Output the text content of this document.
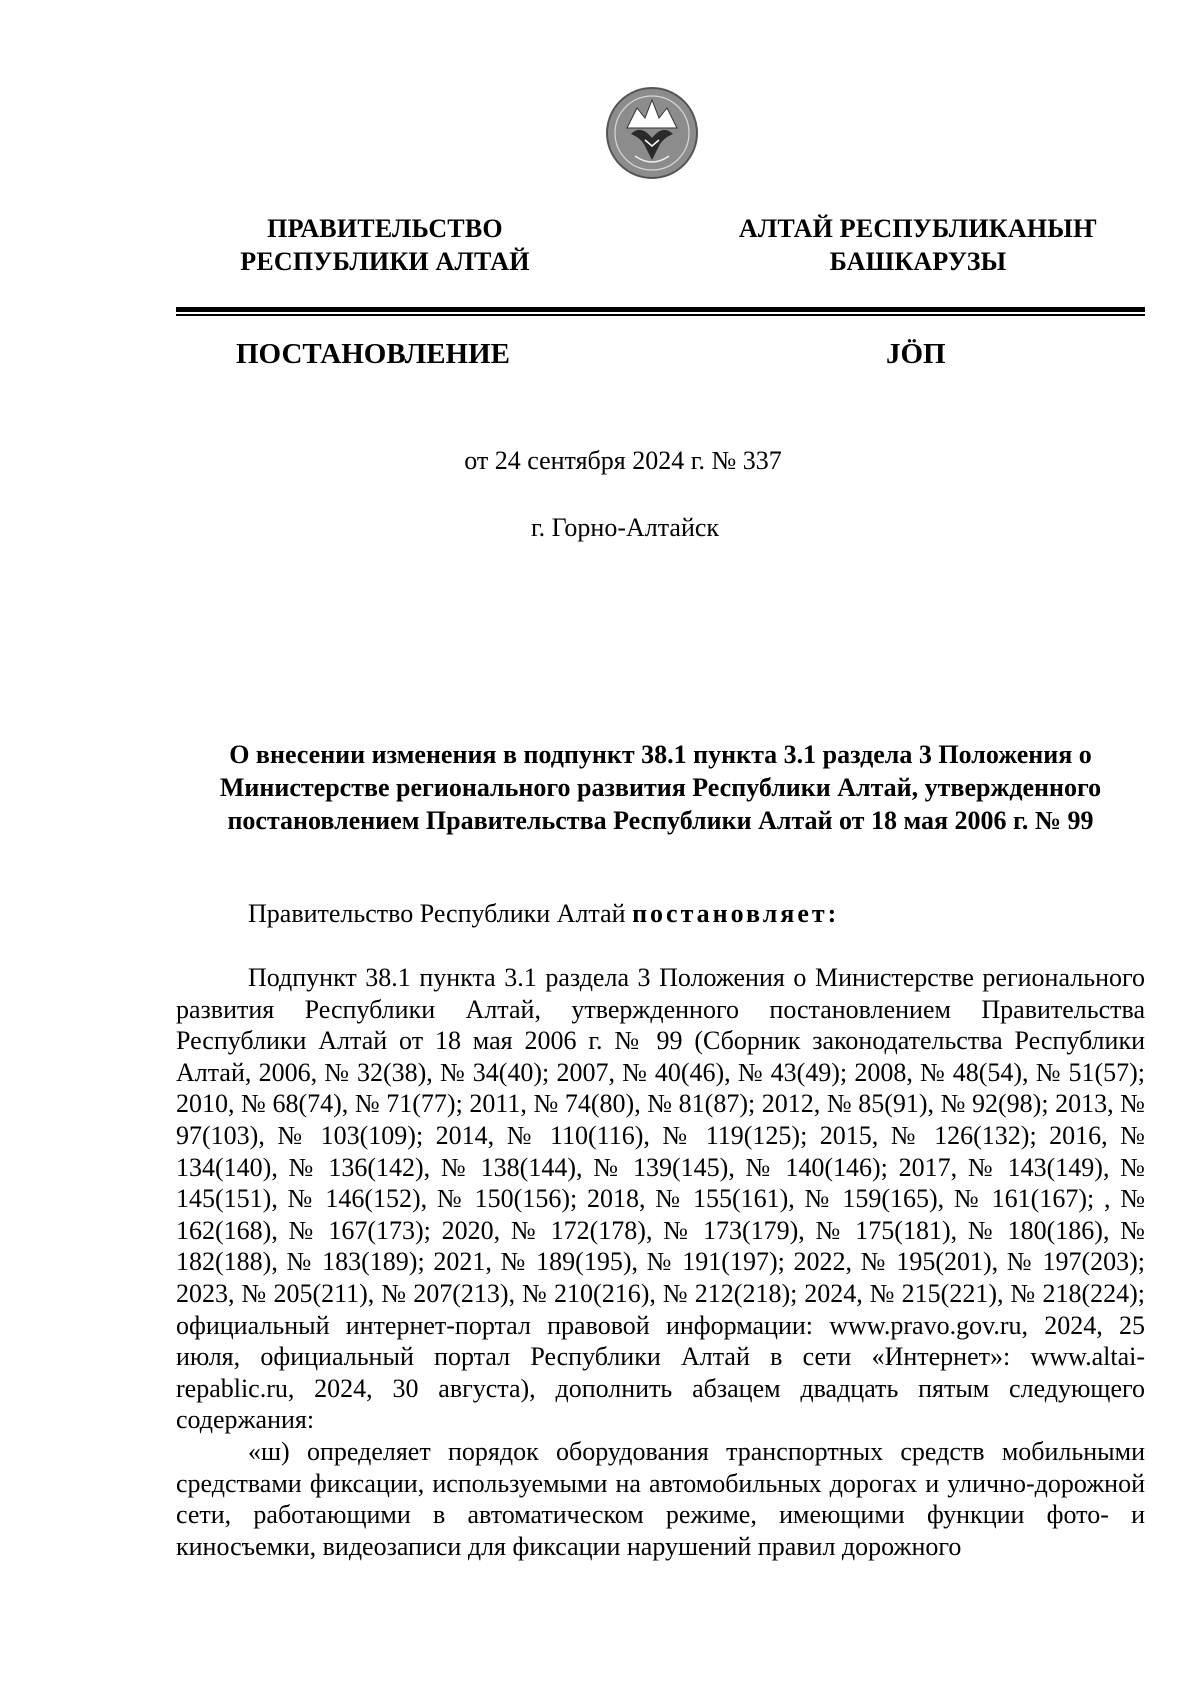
ПРАВИТЕЛЬСТВО
РЕСПУБЛИКИ АЛТАЙ
АЛТАЙ РЕСПУБЛИКАНЫҤ
БАШКАРУЗЫ
ПОСТАНОВЛЕНИЕ	JÖП
от 24 сентября 2024 г. № 337
г. Горно-Алтайск
О внесении изменения в подпункт 38.1 пункта 3.1 раздела 3 Положения о Министерстве регионального развития Республики Алтай, утвержденного постановлением Правительства Республики Алтай от 18 мая 2006 г. № 99
Правительство Республики Алтай постановляет:

Подпункт 38.1 пункта 3.1 раздела 3 Положения о Министерстве регионального развития Республики Алтай, утвержденного постановлением Правительства Республики Алтай от 18 мая 2006 г. № 99 (Сборник законодательства Республики Алтай, 2006, № 32(38), № 34(40); 2007, № 40(46), № 43(49); 2008, № 48(54), № 51(57); 2010, № 68(74), № 71(77); 2011, № 74(80), № 81(87); 2012, № 85(91), № 92(98); 2013, № 97(103), № 103(109); 2014, № 110(116), № 119(125); 2015, № 126(132); 2016, № 134(140), № 136(142), № 138(144), № 139(145), № 140(146); 2017, № 143(149), № 145(151), № 146(152), № 150(156); 2018, № 155(161), № 159(165), № 161(167); , № 162(168), № 167(173); 2020, № 172(178), № 173(179), № 175(181), № 180(186), № 182(188), № 183(189); 2021, № 189(195), № 191(197); 2022, № 195(201), № 197(203); 2023, № 205(211), № 207(213), № 210(216), № 212(218); 2024, № 215(221), № 218(224); официальный интернет-портал правовой информации: www.pravo.gov.ru, 2024, 25 июля, официальный портал Республики Алтай в сети «Интернет»: www.altai-repablic.ru, 2024, 30 августа), дополнить абзацем двадцать пятым следующего содержания:

«ш) определяет порядок оборудования транспортных средств мобильными средствами фиксации, используемыми на автомобильных дорогах и улично-дорожной сети, работающими в автоматическом режиме, имеющими функции фото- и киносъемки, видеозаписи для фиксации нарушений правил дорожного
